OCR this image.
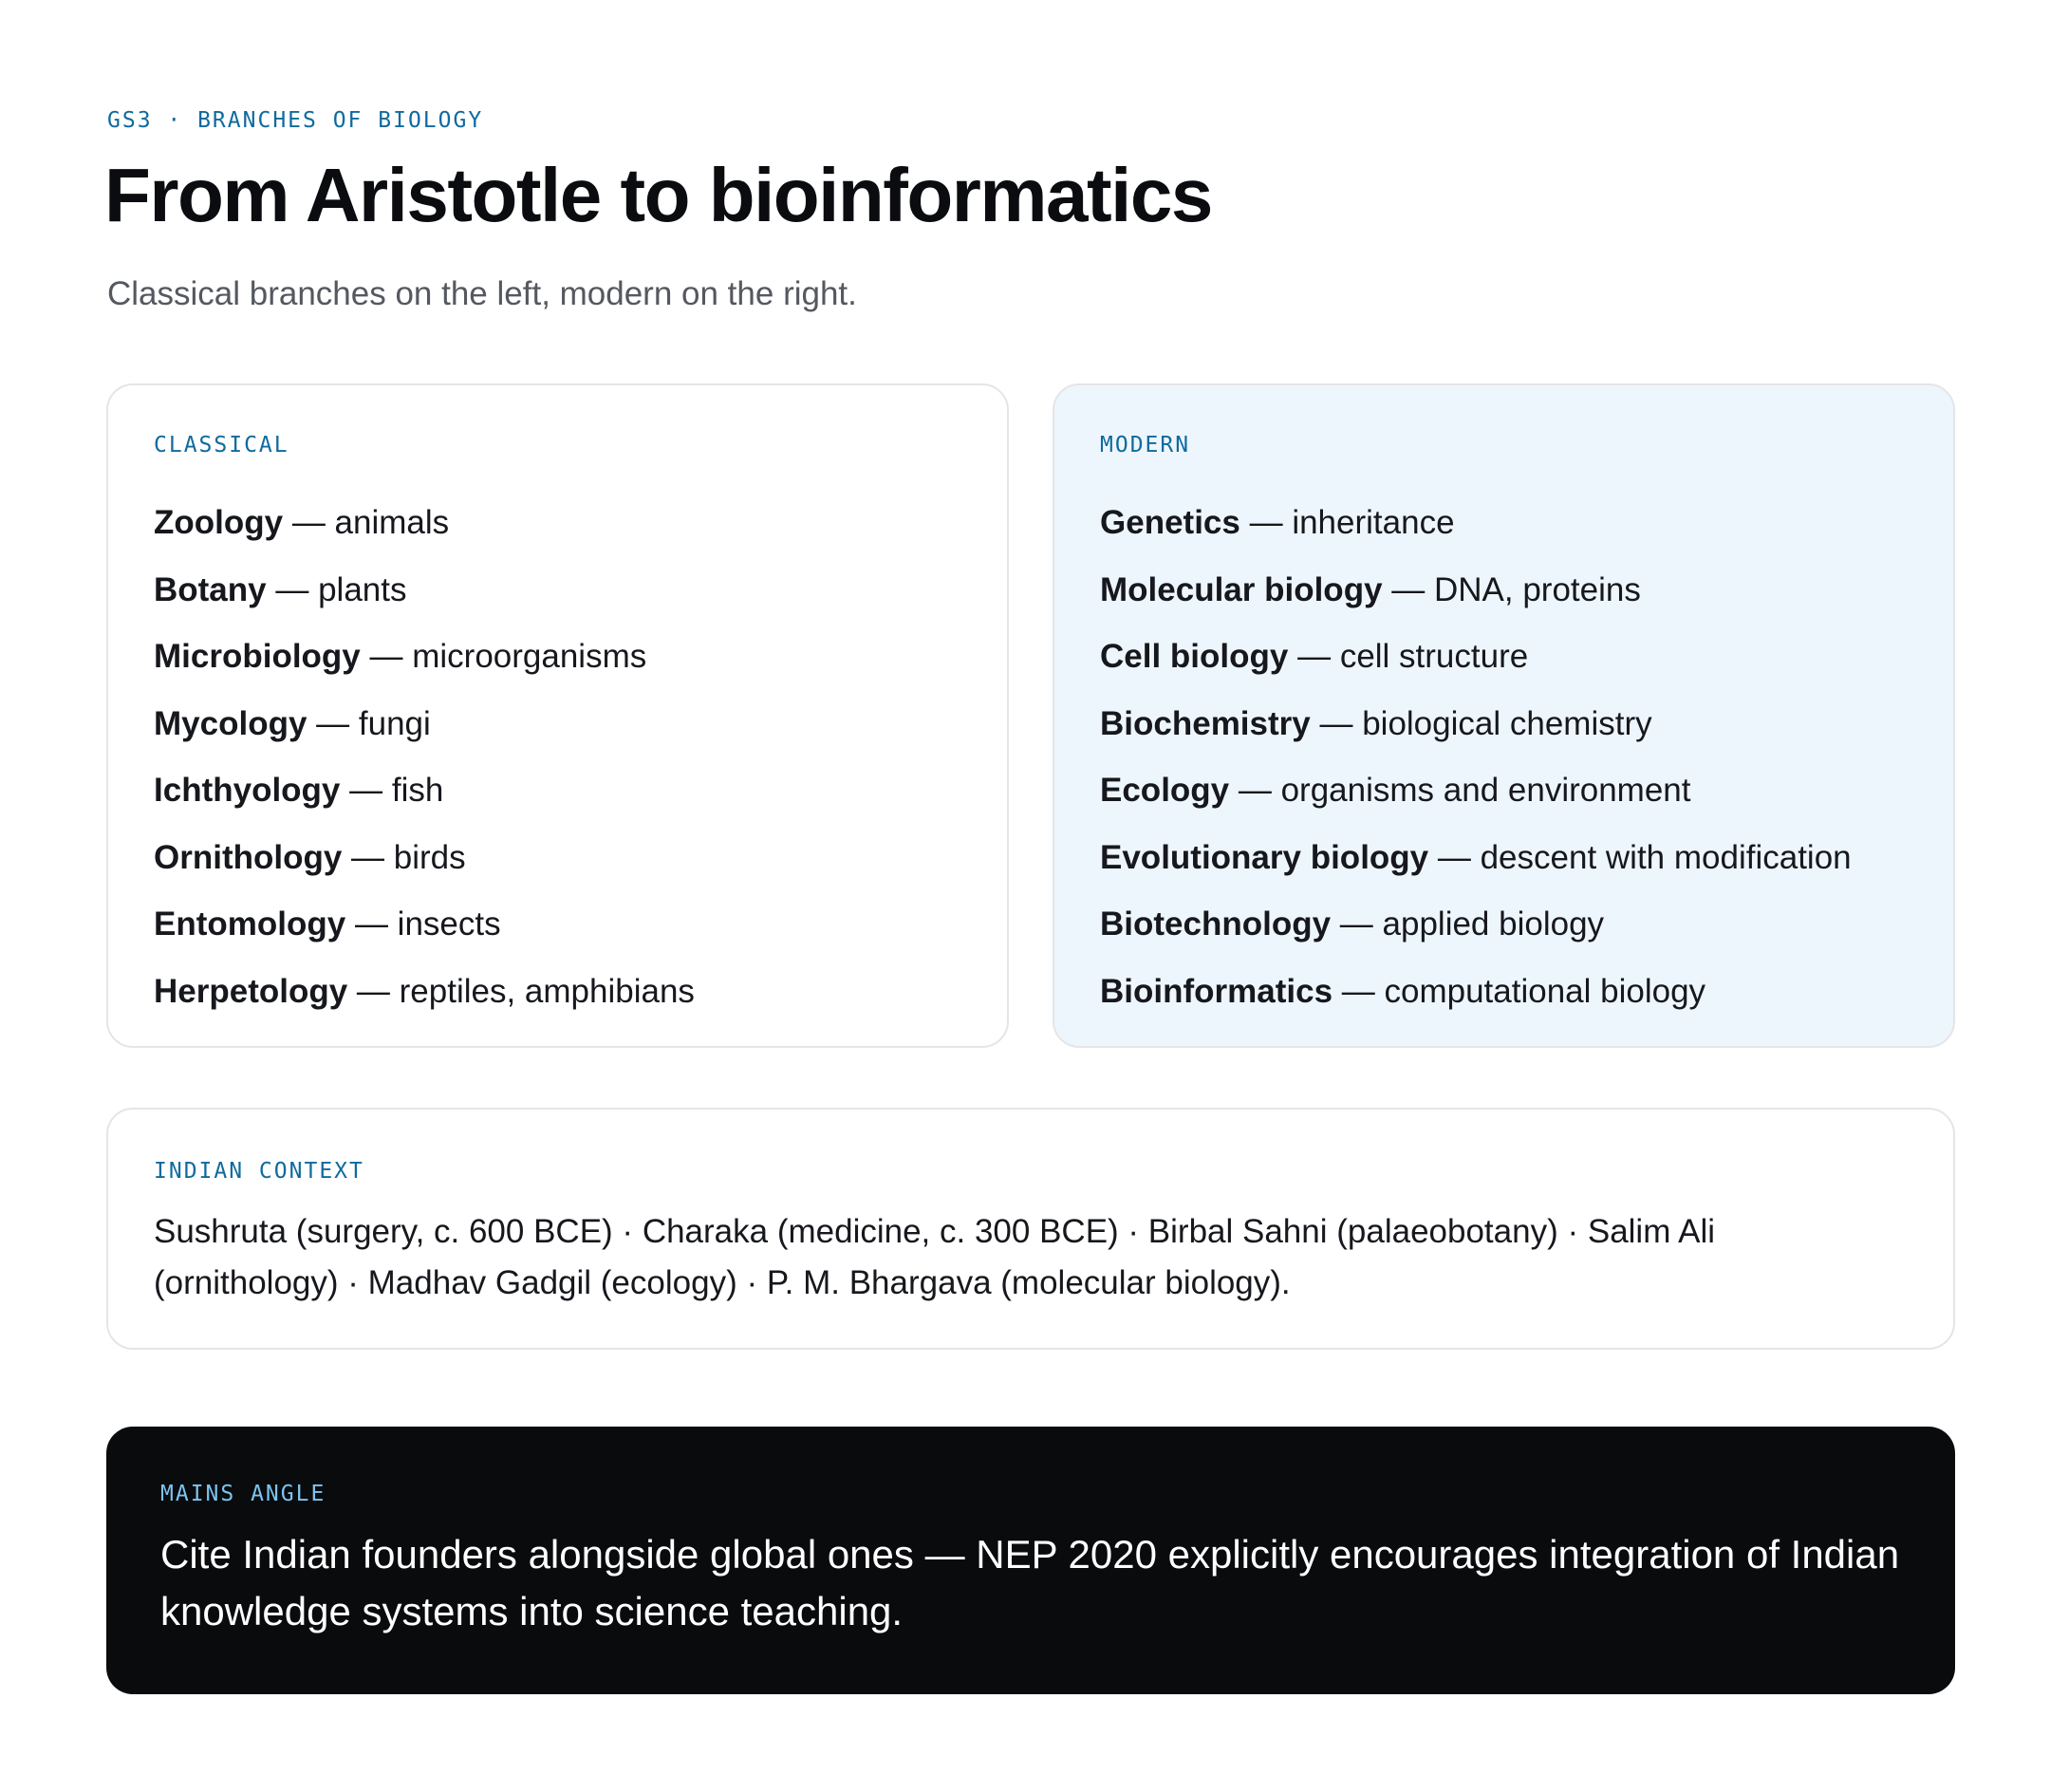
GS3 · BRANCHES OF BIOLOGY
From Aristotle to bioinformatics

Classical branches on the left, modern on the right.

CLASSICAL
Zoology — animals
Botany — plants
Microbiology — microorganisms
Mycology — fungi
Ichthyology — fish
Ornithology — birds
Entomology — insects
Herpetology — reptiles, amphibians
MODERN
Genetics — inheritance
Molecular biology — DNA, proteins
Cell biology — cell structure
Biochemistry — biological chemistry
Ecology — organisms and environment
Evolutionary biology — descent with modification
Biotechnology — applied biology
Bioinformatics — computational biology
INDIAN CONTEXT

Sushruta (surgery, c. 600 BCE) · Charaka (medicine, c. 300 BCE) · Birbal Sahni (palaeobotany) · Salim Ali (ornithology) · Madhav Gadgil (ecology) · P. M. Bhargava (molecular biology).

MAINS ANGLE

Cite Indian founders alongside global ones — NEP 2020 explicitly encourages integration of Indian knowledge systems into science teaching.
